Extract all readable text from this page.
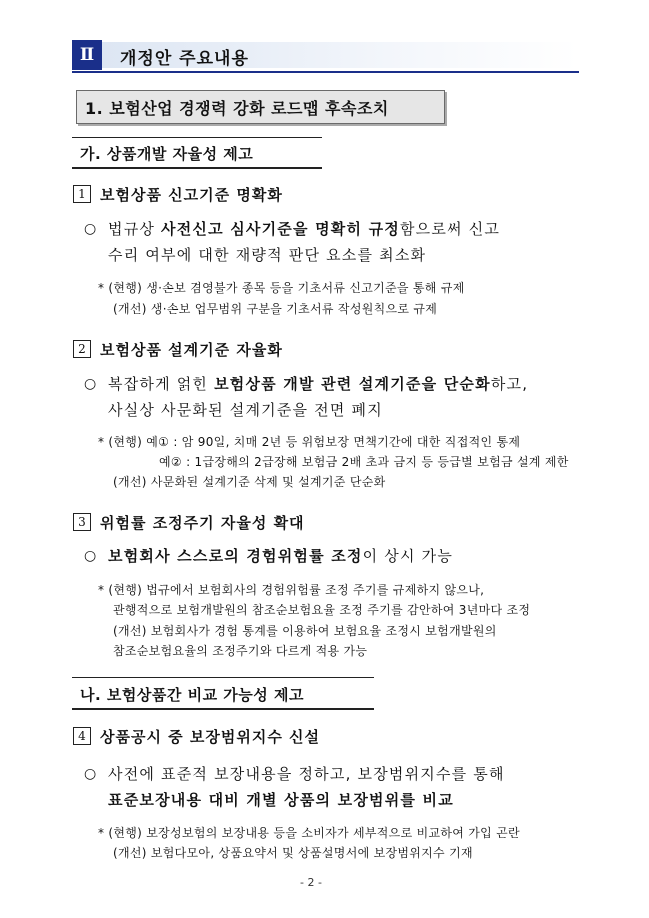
Ⅱ	개정안 주요내용
1. 보험산업 경쟁력 강화 로드맵 후속조치
가. 상품개발 자율성 제고
1 보험상품 신고기준 명확화
○ 법규상 사전신고 심사기준을 명확히 규정함으로써 신고
수리 여부에 대한 재량적 판단 요소를 최소화
* (현행) 생·손보 겸영불가 종목 등을 기초서류 신고기준을 통해 규제
(개선) 생·손보 업무범위 구분을 기초서류 작성원칙으로 규제
2 보험상품 설계기준 자율화
○ 복잡하게 얽힌 보험상품 개발 관련 설계기준을 단순화하고,
사실상 사문화된 설계기준을 전면 폐지
* (현행) 예① : 암 90일, 치매 2년 등 위험보장 면책기간에 대한 직접적인 통제
예② : 1급장해의 2급장해 보험금 2배 초과 금지 등 등급별 보험금 설계 제한
(개선) 사문화된 설계기준 삭제 및 설계기준 단순화
3 위험률 조정주기 자율성 확대
○ 보험회사 스스로의 경험위험률 조정이 상시 가능
* (현행) 법규에서 보험회사의 경험위험률 조정 주기를 규제하지 않으나,
관행적으로 보험개발원의 참조순보험요율 조정 주기를 감안하여 3년마다 조정
(개선) 보험회사가 경험 통계를 이용하여 보험요율 조정시 보험개발원의
참조순보험요율의 조정주기와 다르게 적용 가능
나. 보험상품간 비교 가능성 제고
4 상품공시 중 보장범위지수 신설
○ 사전에 표준적 보장내용을 정하고, 보장범위지수를 통해
표준보장내용 대비 개별 상품의 보장범위를 비교
* (현행) 보장성보험의 보장내용 등을 소비자가 세부적으로 비교하여 가입 곤란
(개선) 보험다모아, 상품요약서 및 상품설명서에 보장범위지수 기재
- 2 -
